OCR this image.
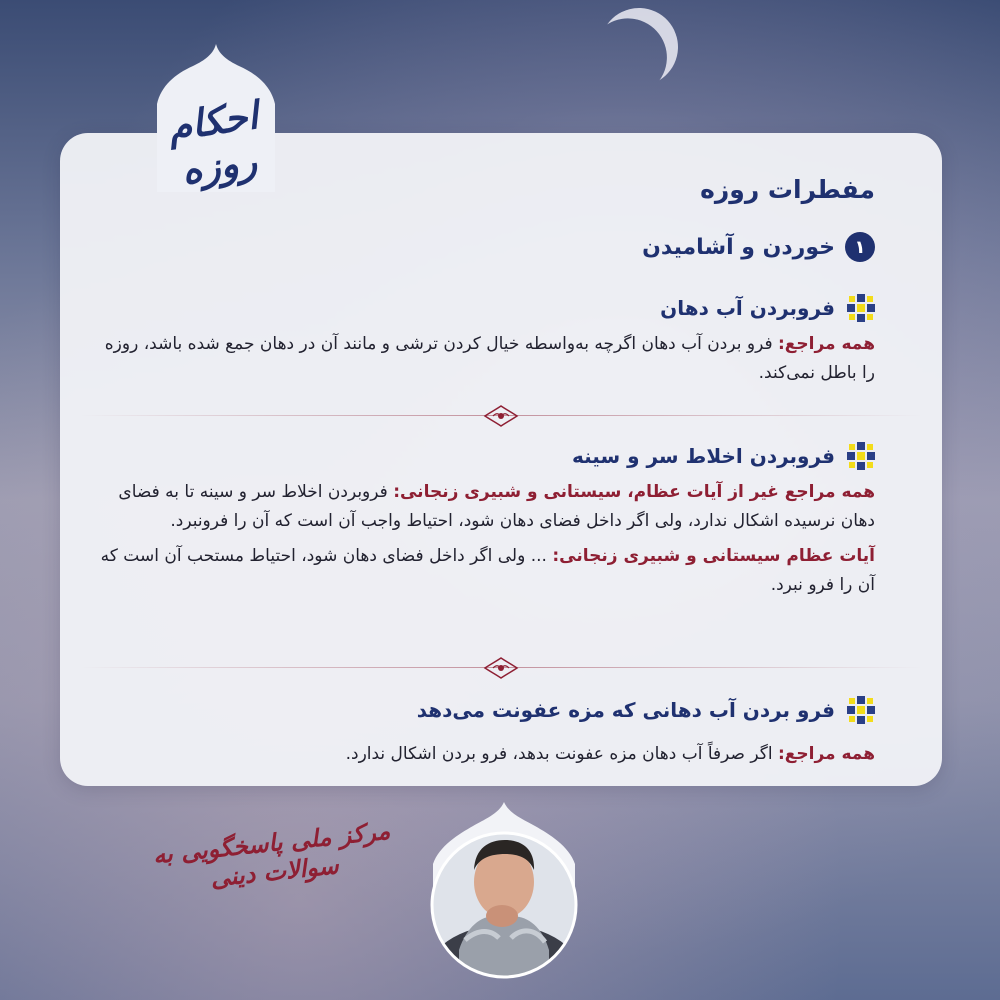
احکام روزه	مفطرات روزه
۱
خوردن و آشامیدن
فروبردن آب دهان
همه مراجع: فرو بردن آب دهان اگرچه به‌واسطه خیال کردن ترشی و مانند آن در دهان جمع شده باشد، روزه را باطل نمی‌کند.
فروبردن اخلاط سر و سینه
همه مراجع غیر از آیات عظام، سیستانی و شبیری زنجانی: فروبردن اخلاط سر و سینه تا به فضای دهان نرسیده اشکال ندارد، ولی اگر داخل فضای دهان شود، احتیاط واجب آن است که آن را فرونبرد.
آیات عظام سیستانی و شبیری زنجانی: ... ولی اگر داخل فضای دهان شود، احتیاط مستحب آن است که آن را فرو نبرد.
فرو بردن آب دهانی که مزه عفونت می‌دهد
همه مراجع: اگر صرفاً آب دهان مزه عفونت بدهد، فرو بردن اشکال ندارد.
مرکز ملی پاسخگویی به سوالات دینی
